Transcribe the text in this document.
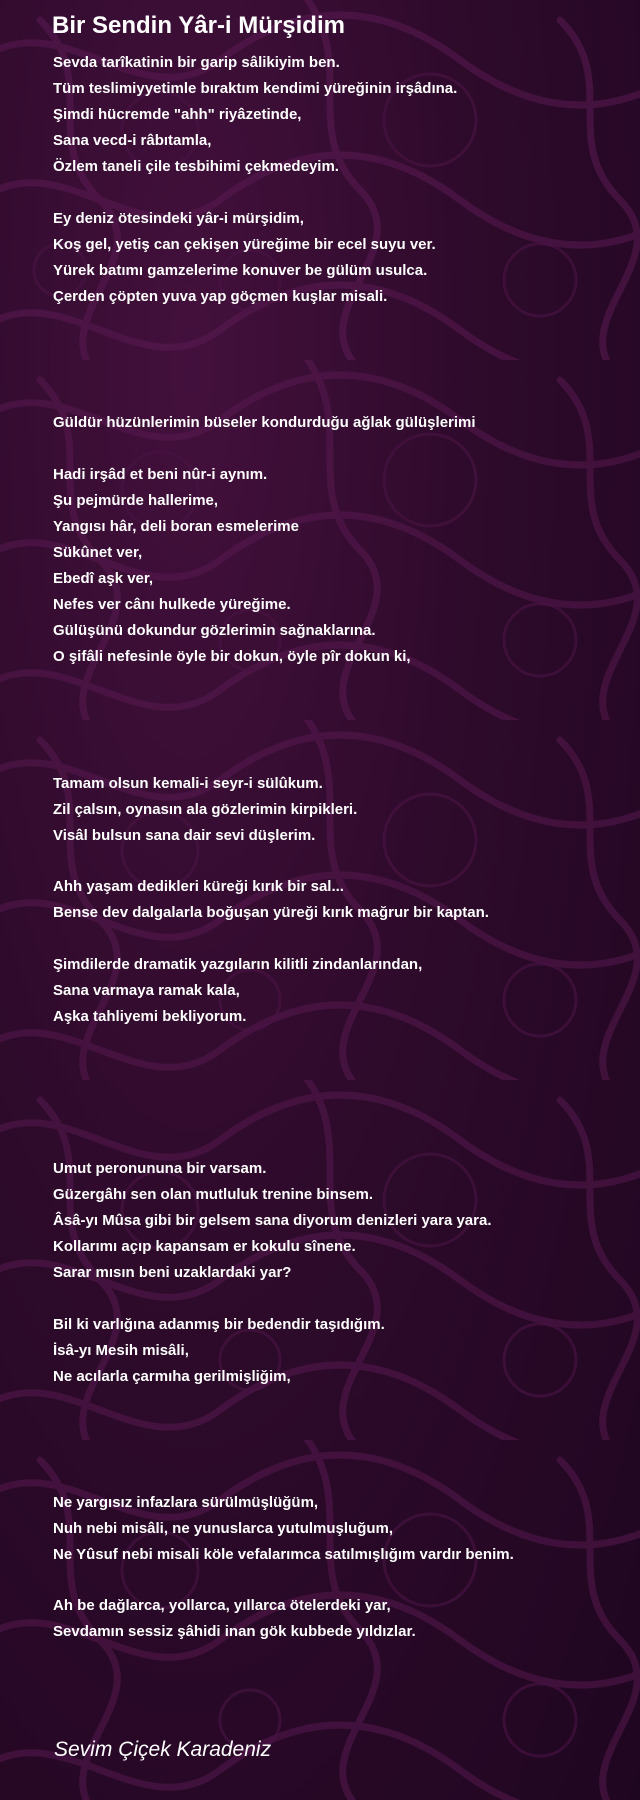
Bir Sendin Yâr-i Mürşidim
Sevda tarîkatinin bir garip sâlikiyim ben.
Tüm teslimiyyetimle bıraktım kendimi yüreğinin irşâdına.
Şimdi hücremde "ahh" riyâzetinde,
Sana vecd-i râbıtamla,
Özlem taneli çile tesbihimi çekmedeyim.
Ey deniz ötesindeki yâr-i mürşidim,
Koş gel, yetiş can çekişen yüreğime bir ecel suyu ver.
Yürek batımı gamzelerime konuver be gülüm usulca.
Çerden çöpten yuva yap göçmen kuşlar misali.
Güldür hüzünlerimin büseler kondurduğu ağlak gülüşlerimi
Hadi irşâd et beni nûr-i aynım.
Şu pejmürde hallerime,
Yangısı hâr, deli boran esmelerime
Sükûnet ver,
Ebedî aşk ver,
Nefes ver cânı hulkede yüreğime.
Gülüşünü dokundur gözlerimin sağnaklarına.
O şifâli nefesinle öyle bir dokun, öyle pîr dokun ki,
Tamam olsun kemali-i seyr-i sülûkum.
Zil çalsın, oynasın ala gözlerimin kirpikleri.
Visâl bulsun sana dair sevi düşlerim.
Ahh yaşam dedikleri küreği kırık bir sal...
Bense dev dalgalarla boğuşan yüreği kırık mağrur bir kaptan.
Şimdilerde dramatik yazgıların kilitli zindanlarından,
Sana varmaya ramak kala,
Aşka tahliyemi bekliyorum.
Umut peronununa bir varsam.
Güzergâhı sen olan mutluluk trenine binsem.
Âsâ-yı Mûsa gibi bir gelsem sana diyorum denizleri yara yara.
Kollarımı açıp kapansam er kokulu sînene.
Sarar mısın beni uzaklardaki yar?
Bil ki varlığına adanmış bir bedendir taşıdığım.
İsâ-yı Mesih misâli,
Ne acılarla çarmıha gerilmişliğim,
Ne yargısız infazlara sürülmüşlüğüm,
Nuh nebi misâli, ne yunuslarca yutulmuşluğum,
Ne Yûsuf nebi misali köle vefalarımca satılmışlığım vardır benim.
Ah be dağlarca, yollarca, yıllarca ötelerdeki yar,
Sevdamın sessiz şâhidi inan gök kubbede yıldızlar.
Sevim Çiçek Karadeniz
